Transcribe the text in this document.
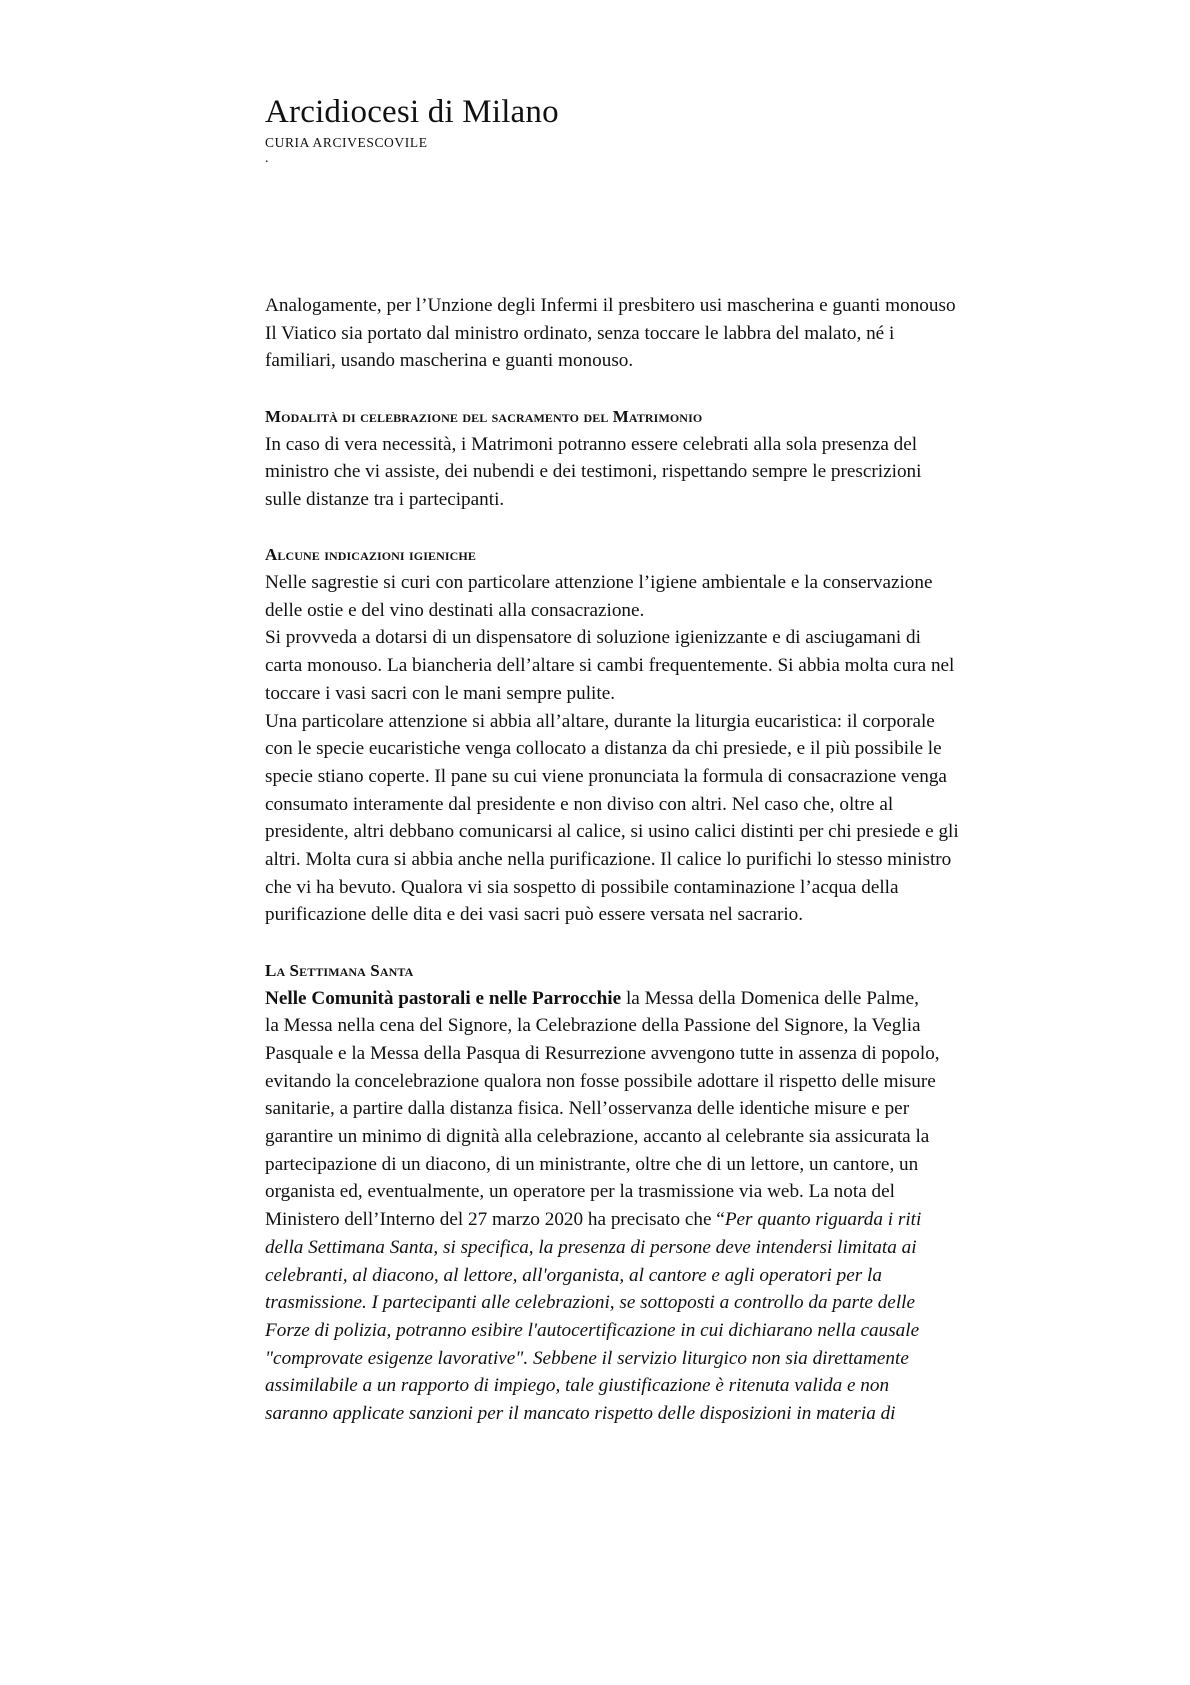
Arcidiocesi di Milano
CURIA ARCIVESCOVILE
.

Analogamente, per l’Unzione degli Infermi il presbitero usi mascherina e guanti monouso

Il Viatico sia portato dal ministro ordinato, senza toccare le labbra del malato, né i

familiari, usando mascherina e guanti monouso.

Modalità di celebrazione del sacramento del Matrimonio

In caso di vera necessità, i Matrimoni potranno essere celebrati alla sola presenza del

ministro che vi assiste, dei nubendi e dei testimoni, rispettando sempre le prescrizioni

sulle distanze tra i partecipanti.

Alcune indicazioni igieniche

Nelle sagrestie si curi con particolare attenzione l’igiene ambientale e la conservazione

delle ostie e del vino destinati alla consacrazione.

Si provveda a dotarsi di un dispensatore di soluzione igienizzante e di asciugamani di

carta monouso. La biancheria dell’altare si cambi frequentemente. Si abbia molta cura nel

toccare i vasi sacri con le mani sempre pulite.

Una particolare attenzione si abbia all’altare, durante la liturgia eucaristica: il corporale

con le specie eucaristiche venga collocato a distanza da chi presiede, e il più possibile le

specie stiano coperte. Il pane su cui viene pronunciata la formula di consacrazione venga

consumato interamente dal presidente e non diviso con altri. Nel caso che, oltre al

presidente, altri debbano comunicarsi al calice, si usino calici distinti per chi presiede e gli

altri. Molta cura si abbia anche nella purificazione. Il calice lo purifichi lo stesso ministro

che vi ha bevuto. Qualora vi sia sospetto di possibile contaminazione l’acqua della

purificazione delle dita e dei vasi sacri può essere versata nel sacrario.

La Settimana Santa

Nelle Comunità pastorali e nelle Parrocchie la Messa della Domenica delle Palme,

la Messa nella cena del Signore, la Celebrazione della Passione del Signore, la Veglia

Pasquale e la Messa della Pasqua di Resurrezione avvengono tutte in assenza di popolo,

evitando la concelebrazione qualora non fosse possibile adottare il rispetto delle misure

sanitarie, a partire dalla distanza fisica. Nell’osservanza delle identiche misure e per

garantire un minimo di dignità alla celebrazione, accanto al celebrante sia assicurata la

partecipazione di un diacono, di un ministrante, oltre che di un lettore, un cantore, un

organista ed, eventualmente, un operatore per la trasmissione via web. La nota del

Ministero dell’Interno del 27 marzo 2020 ha precisato che “Per quanto riguarda i riti

della Settimana Santa, si specifica, la presenza di persone deve intendersi limitata ai

celebranti, al diacono, al lettore, all'organista, al cantore e agli operatori per la

trasmissione. I partecipanti alle celebrazioni, se sottoposti a controllo da parte delle

Forze di polizia, potranno esibire l'autocertificazione in cui dichiarano nella causale

"comprovate esigenze lavorative". Sebbene il servizio liturgico non sia direttamente

assimilabile a un rapporto di impiego, tale giustificazione è ritenuta valida e non

saranno applicate sanzioni per il mancato rispetto delle disposizioni in materia di
